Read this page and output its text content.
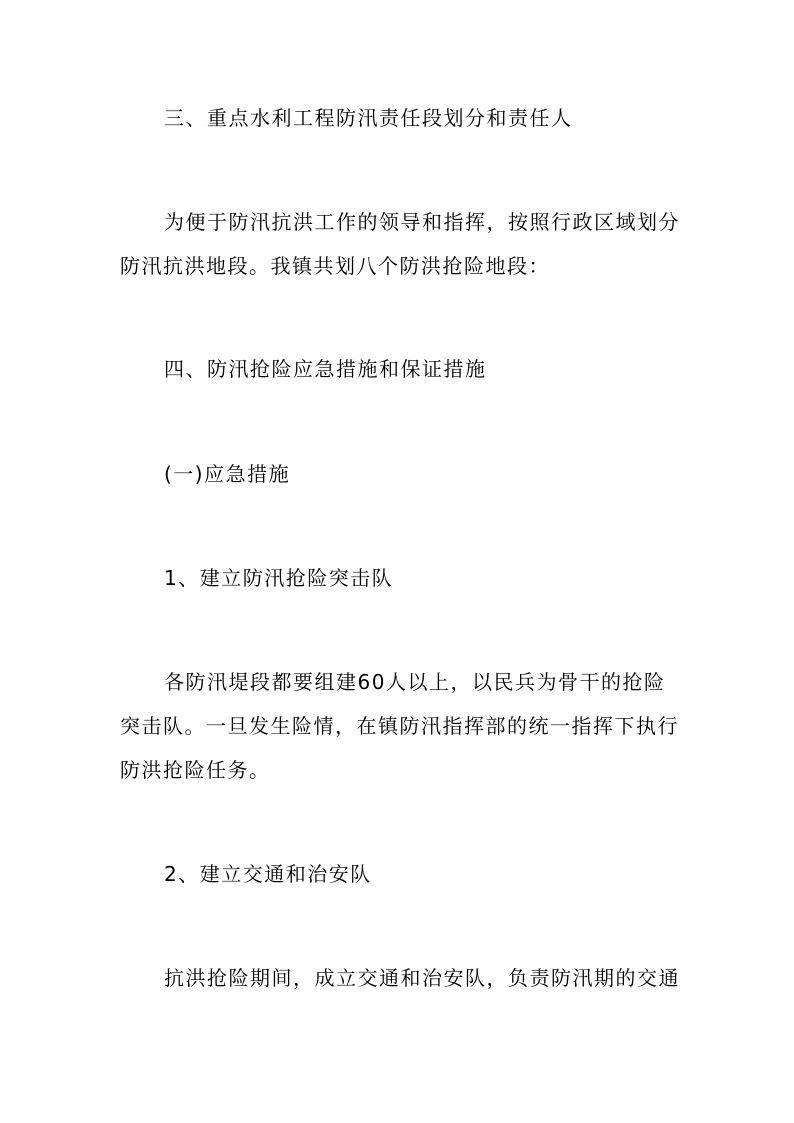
三、重点水利工程防汛责任段划分和责任人

为便于防汛抗洪工作的领导和指挥，按照行政区域划分

防汛抗洪地段。我镇共划八个防洪抢险地段：

四、防汛抢险应急措施和保证措施

(一)应急措施

1、建立防汛抢险突击队

各防汛堤段都要组建60人以上，以民兵为骨干的抢险

突击队。一旦发生险情，在镇防汛指挥部的统一指挥下执行

防洪抢险任务。

2、建立交通和治安队

抗洪抢险期间，成立交通和治安队，负责防汛期的交通
